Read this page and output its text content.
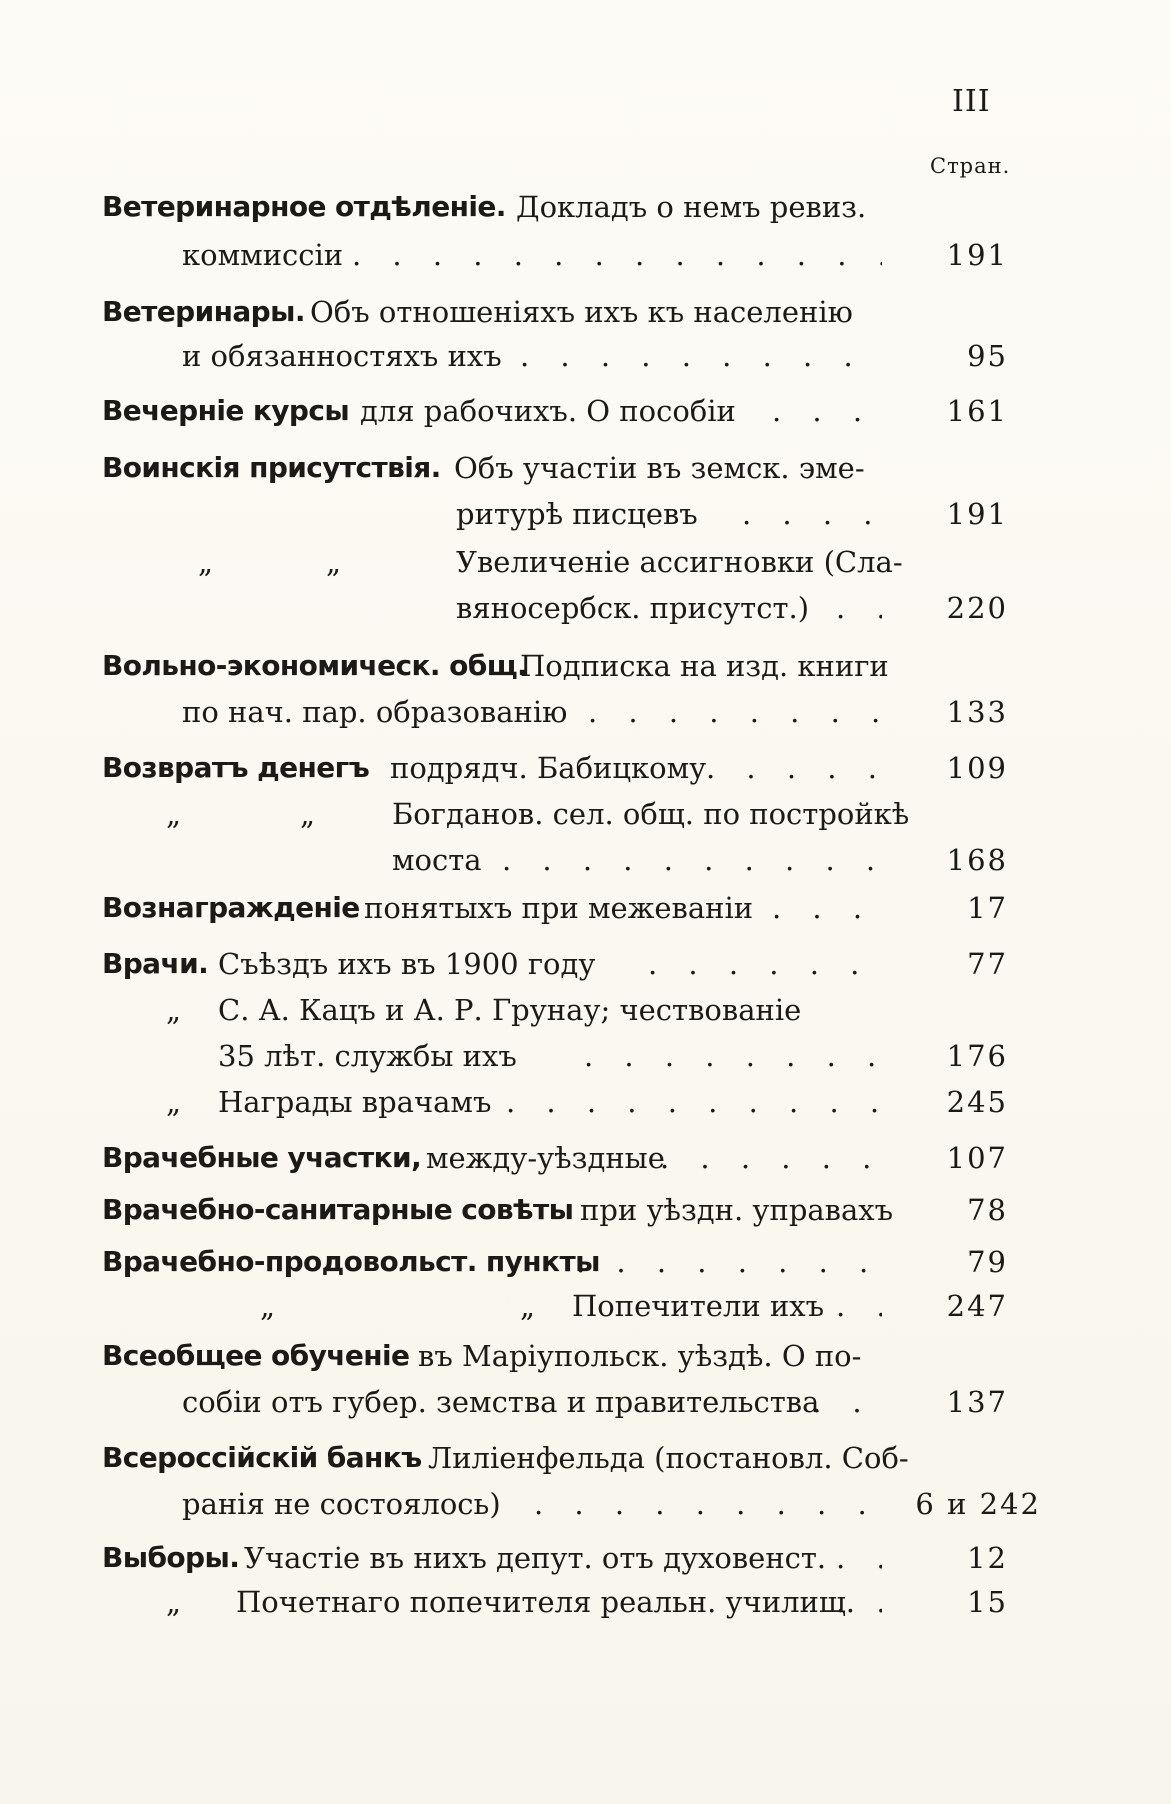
III
Стран.
Ветеринарное отдѣленіе. Докладъ о немъ ревиз.
коммиссіи . . .	191
Ветеринары. Объ отношеніяхъ ихъ къ населенію
и обязанностяхъ ихъ . . .	95
Вечерніе курсы для рабочихъ. О пособіи . . .	161
Воинскія присутствія. Объ участіи въ земск. эме-
ритурѣ писцевъ . . .	191
„	„	Увеличеніе ассигновки (Сла-
вяносербск. присутст.) . . .	220
Вольно-экономическ. общ.
Подписка на изд. книги
по нач. пар. образованію . . .	133
Возвратъ денегъ подрядч. Бабицкому . . .	109
„	„	Богданов. сел. общ. по постройкѣ
моста . . .	168
Вознагражденіе понятыхъ при межеваніи . . .	17
Врачи. Съѣздъ ихъ въ 1900 году . . .	77
„ С. А. Кацъ и А. Р. Грунау; чествованіе
35 лѣт. службы ихъ . . .	176
„ Награды врачамъ . . .	245
Врачебные участки, между-уѣздные . . .	107
Врачебно-санитарные совѣты при уѣздн. управахъ	78
Врачебно-продовольст. пункты . . .	79
„	„ Попечители ихъ . . .	247
Всеобщее обученіе въ Маріупольск. уѣздѣ. О по-
собіи отъ губер. земства и правительства . . .	137
Всероссійскій банкъ Лиліенфельда (постановл. Соб-
ранія не состоялось) . . .	6 и 242
Выборы. Участіе въ нихъ депут. отъ духовенст. . . .	12
„ Почетнаго попечителя реальн. училищ. . . .	15
